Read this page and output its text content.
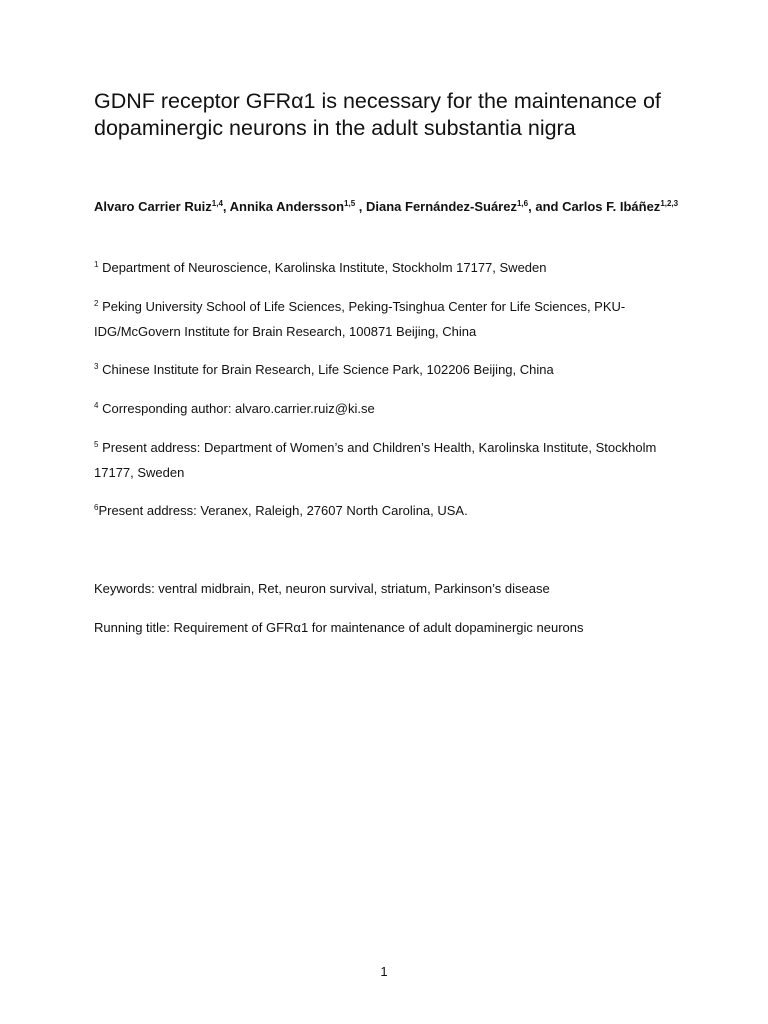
GDNF receptor GFRα1 is necessary for the maintenance of dopaminergic neurons in the adult substantia nigra

Alvaro Carrier Ruiz$^{1,4}$, Annika Andersson$^{1,5}$ , Diana Fernández-Suárez$^{1,6}$, and Carlos F. Ibáñez$^{1,2,3}$

$^1$ Department of Neuroscience, Karolinska Institute, Stockholm 17177, Sweden

$^2$ Peking University School of Life Sciences, Peking-Tsinghua Center for Life Sciences, PKU-IDG/McGovern Institute for Brain Research, 100871 Beijing, China

$^3$ Chinese Institute for Brain Research, Life Science Park, 102206 Beijing, China

$^4$ Corresponding author: alvaro.carrier.ruiz@ki.se

$^5$ Present address: Department of Women’s and Children’s Health, Karolinska Institute, Stockholm 17177, Sweden

$^6$Present address: Veranex, Raleigh, 27607 North Carolina, USA.

Keywords: ventral midbrain, Ret, neuron survival, striatum, Parkinson’s disease

Running title: Requirement of GFRα1 for maintenance of adult dopaminergic neurons

1
